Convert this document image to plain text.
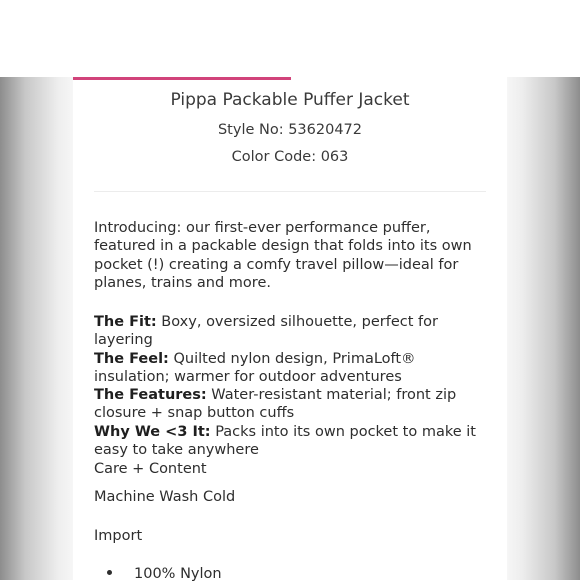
Pippa Packable Puffer Jacket
Style No: 53620472
Color Code: 063
Introducing: our first-ever performance puffer, featured in a packable design that folds into its own pocket (!) creating a comfy travel pillow—ideal for planes, trains and more.

The Fit: Boxy, oversized silhouette, perfect for layering

The Feel: Quilted nylon design, PrimaLoft® insulation; warmer for outdoor adventures

The Features: Water-resistant material; front zip closure + snap button cuffs

Why We <3 It: Packs into its own pocket to make it easy to take anywhere

Care + Content
Machine Wash Cold
Import
100% Nylon
